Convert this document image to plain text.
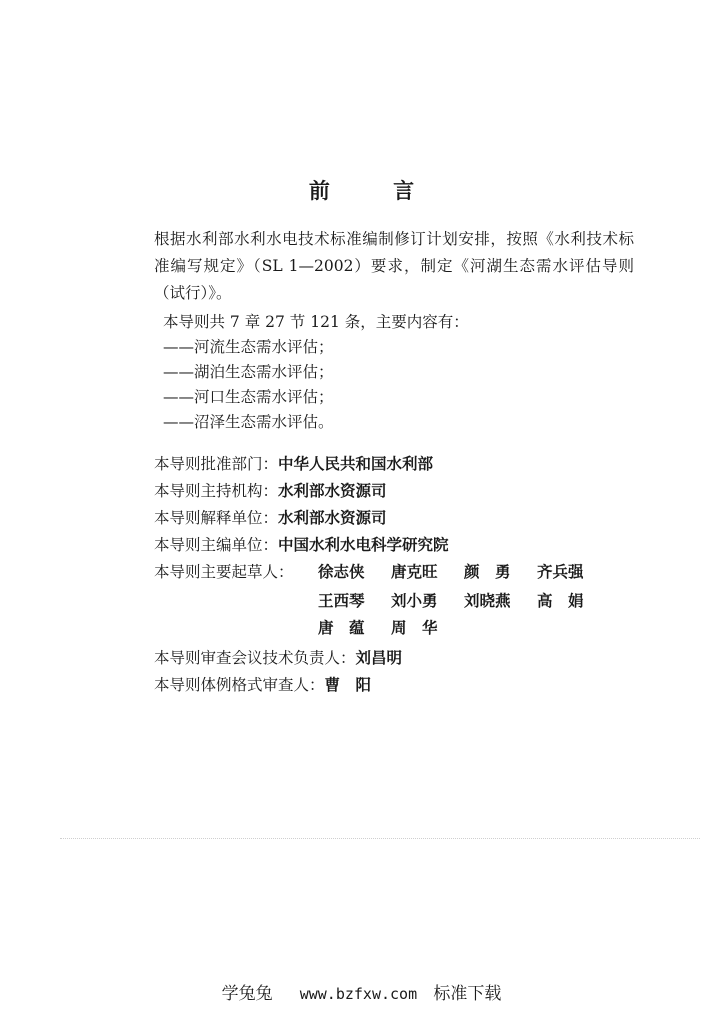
前 言

根据水利部水利水电技术标准编制修订计划安排，按照《水利技术标准编写规定》（SL 1—2002）要求，制定《河湖生态需水评估导则（试行）》。

本导则共 7 章 27 节 121 条，主要内容有：
——河流生态需水评估；
——湖泊生态需水评估；
——河口生态需水评估；
——沼泽生态需水评估。
本导则批准部门：中华人民共和国水利部
本导则主持机构：水利部水资源司
本导则解释单位：水利部水资源司
本导则主编单位：中国水利水电科学研究院
本导则主要起草人： 徐志侠 唐克旺 颜　勇 齐兵强
王西琴 刘小勇 刘晓燕 高　娟
唐　蕴 周　华
本导则审查会议技术负责人：刘昌明
本导则体例格式审查人：曹　阳
学兔兔 www.bzfxw.com 标准下载
